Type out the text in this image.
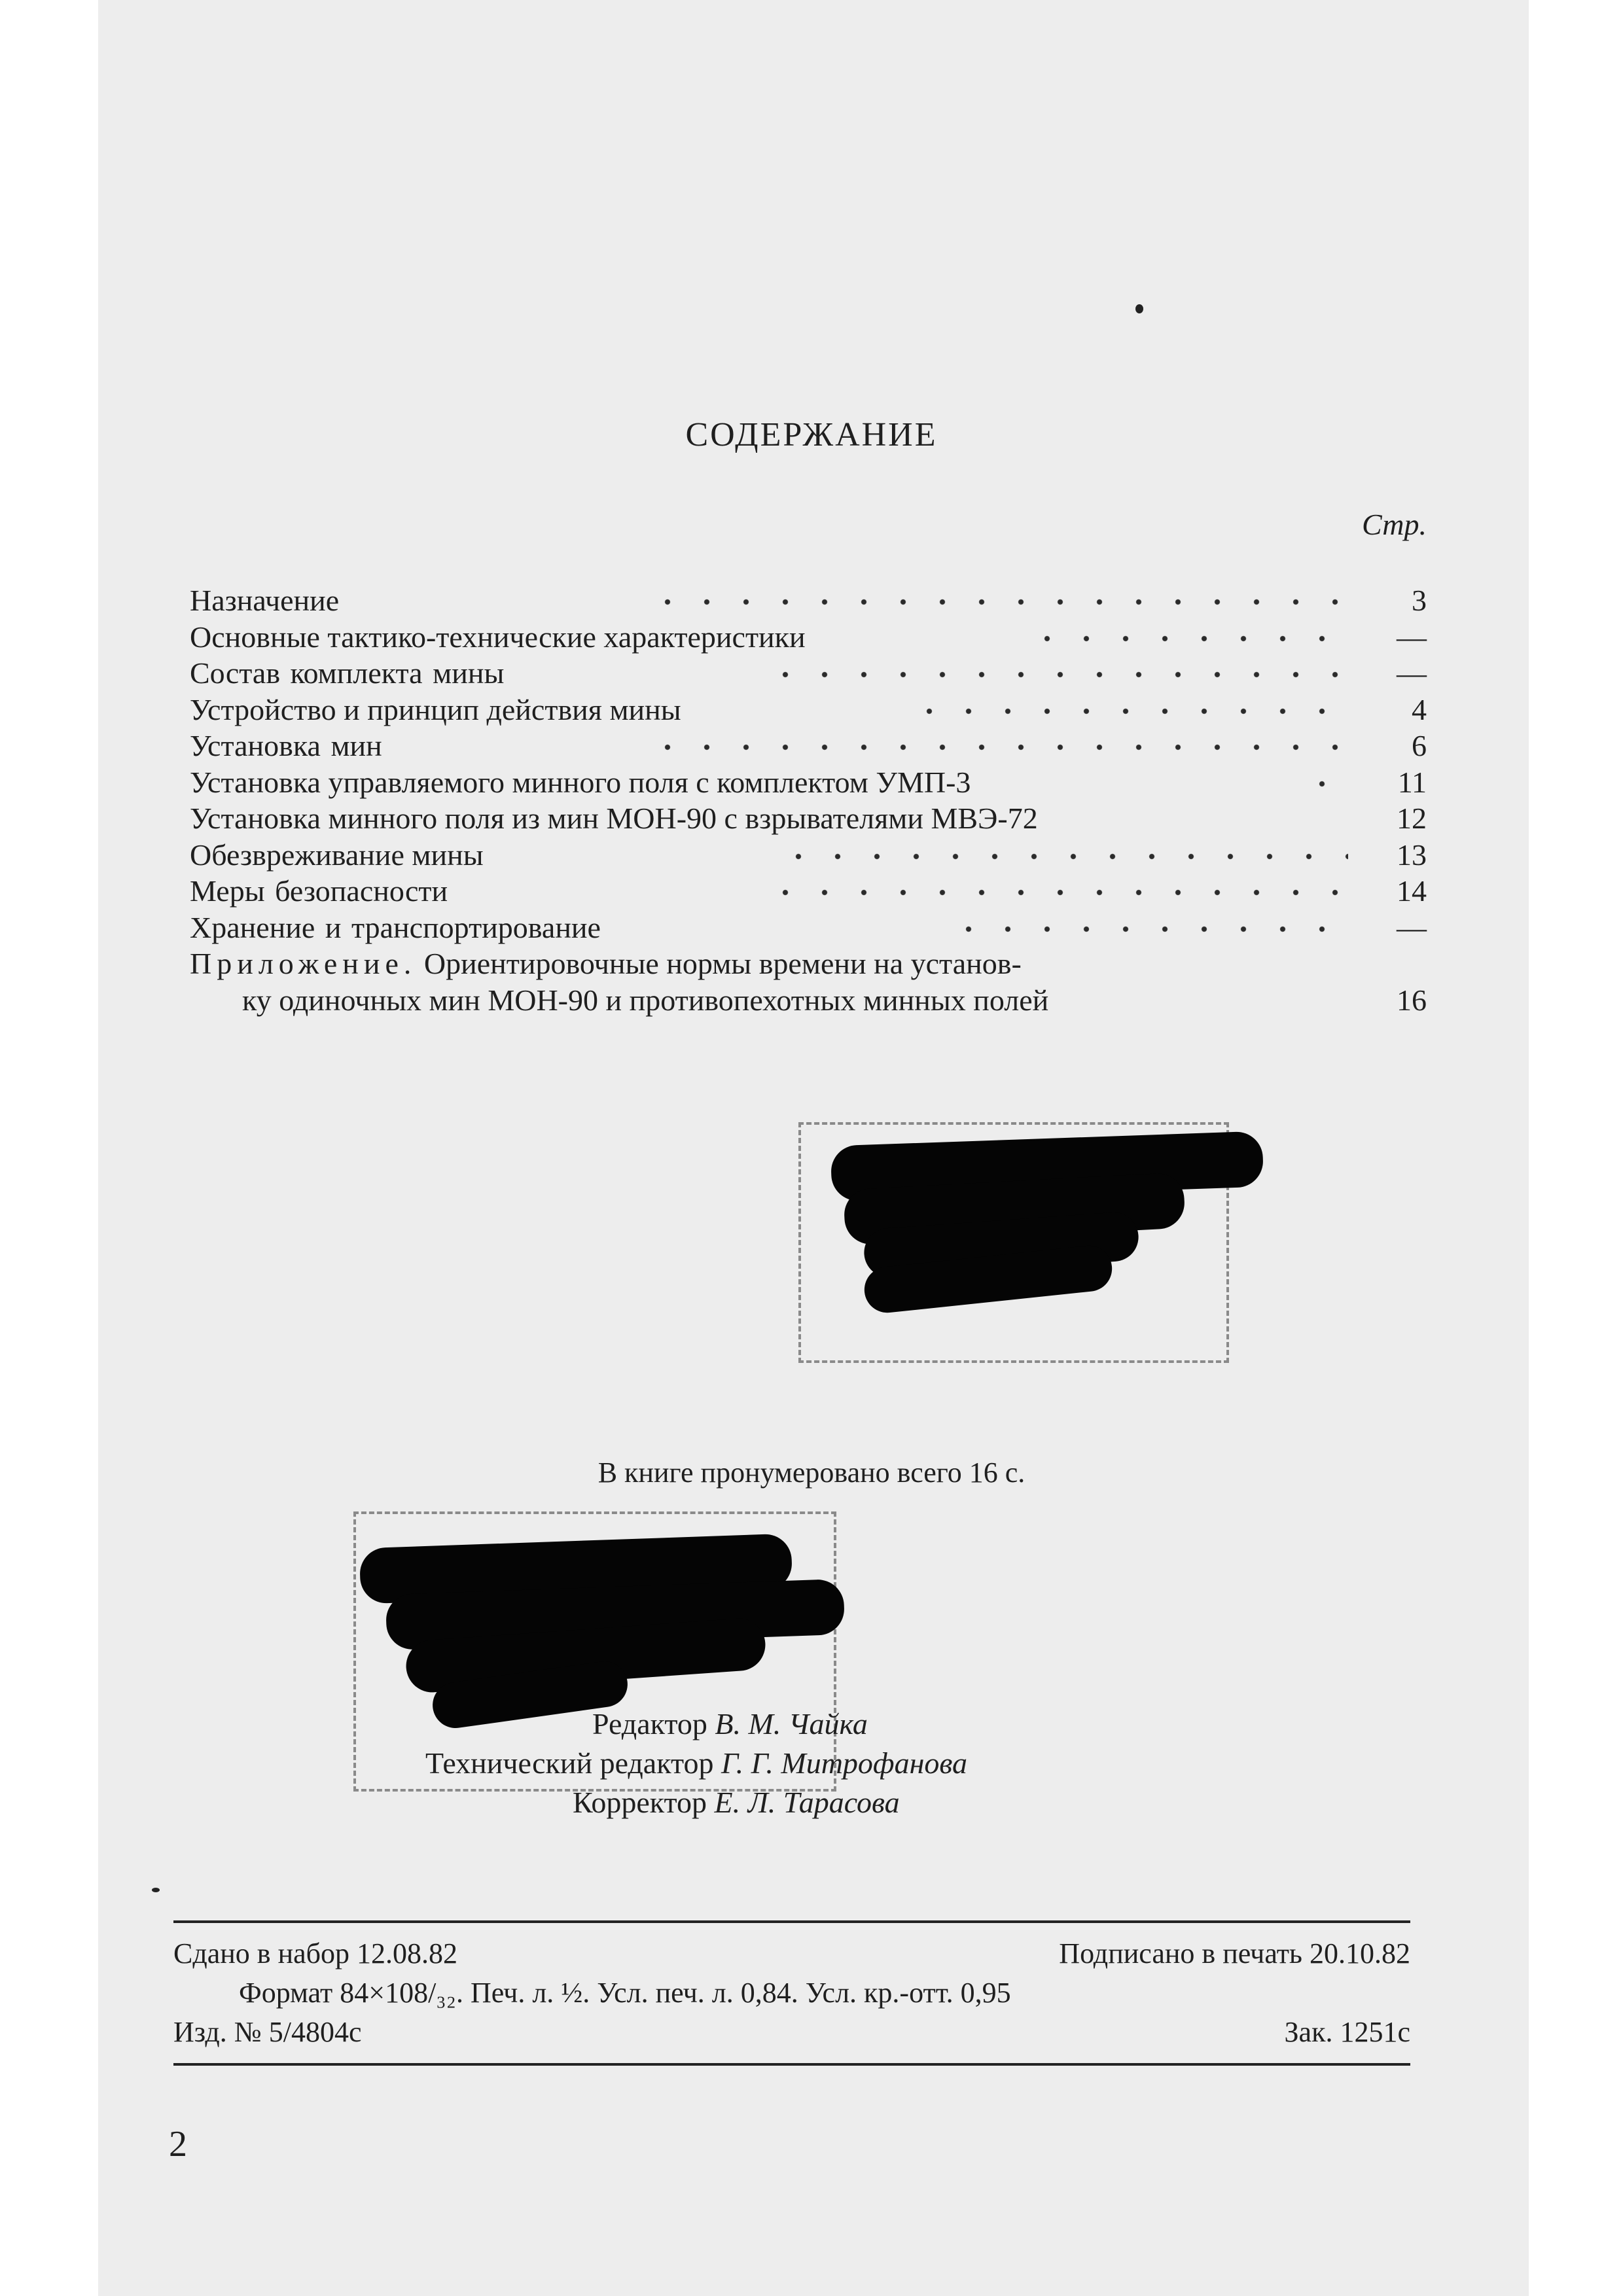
СОДЕРЖАНИЕ
Стр.
Назначение	3
Основные тактико-технические характеристики	—
Состав комплекта мины	—
Устройство и принцип действия мины	4
Установка мин	6
Установка управляемого минного поля с комплектом УМП-3	11
Установка минного поля из мин МОН-90 с взрывателями МВЭ-72	12
Обезвреживание мины	13
Меры безопасности	14
Хранение и транспортирование	—
Приложение. Ориентировочные нормы времени на установ-
ку одиночных мин МОН-90 и противопехотных минных полей	16
В книге пронумеровано всего 16 с.
Редактор В. М. Чайка
Технический редактор Г. Г. Митрофанова
Корректор Е. Л. Тарасова
Сдано в набор 12.08.82	Подписано в печать 20.10.82
Формат 84×108/₃₂. Печ. л. ½. Усл. печ. л. 0,84. Усл. кр.-отт. 0,95
Изд. № 5/4804с	Зак. 1251с
2
